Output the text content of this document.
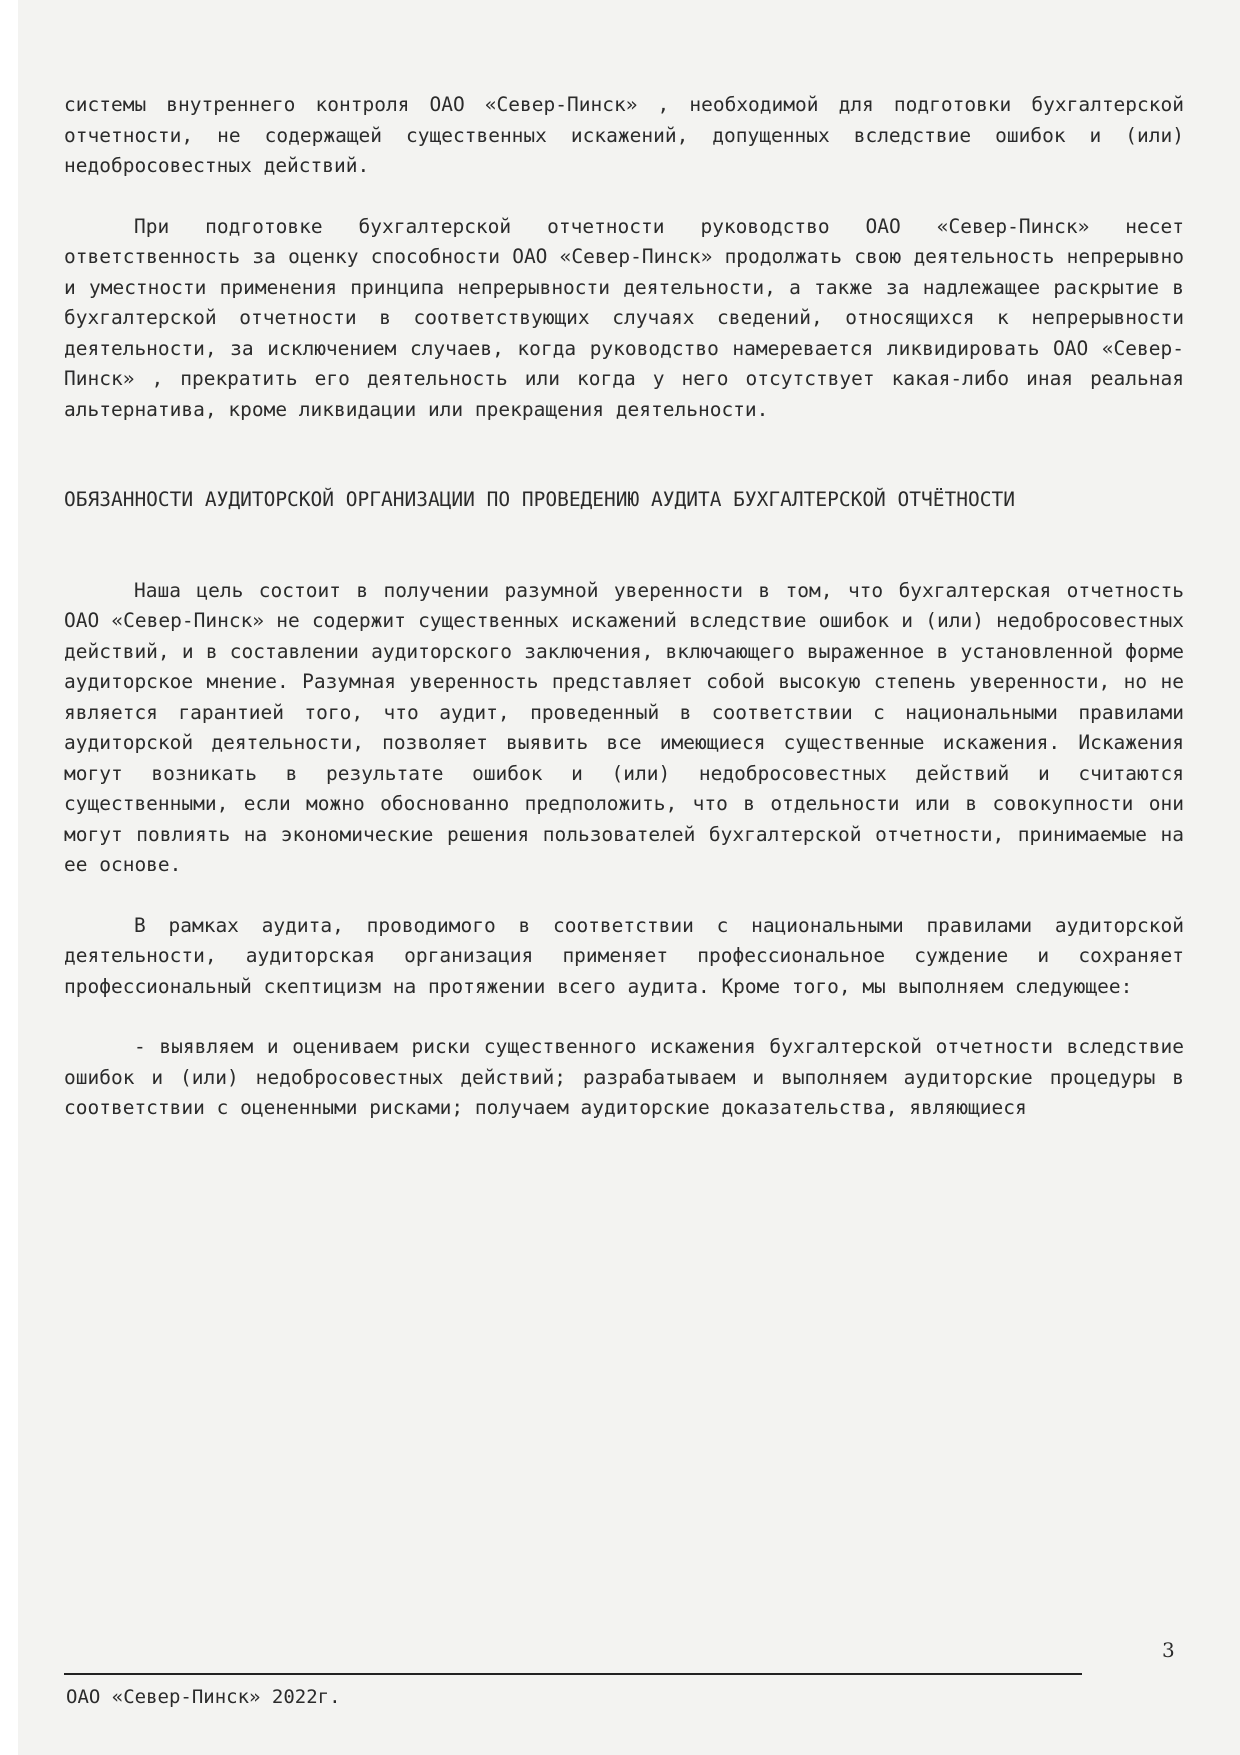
системы внутреннего контроля ОАО «Север-Пинск» , необходимой для подготовки бухгалтерской отчетности, не содержащей существенных искажений, допущенных вследствие ошибок и (или) недобросовестных действий.

При подготовке бухгалтерской отчетности руководство ОАО «Север-Пинск» несет ответственность за оценку способности ОАО «Север-Пинск» продолжать свою деятельность непрерывно и уместности применения принципа непрерывности деятельности, а также за надлежащее раскрытие в бухгалтерской отчетности в соответствующих случаях сведений, относящихся к непрерывности деятельности, за исключением случаев, когда руководство намеревается ликвидировать ОАО «Север-Пинск» , прекратить его деятельность или когда у него отсутствует какая-либо иная реальная альтернатива, кроме ликвидации или прекращения деятельности.

ОБЯЗАННОСТИ АУДИТОРСКОЙ ОРГАНИЗАЦИИ ПО ПРОВЕДЕНИЮ АУДИТА БУХГАЛТЕРСКОЙ ОТЧЁТНОСТИ

Наша цель состоит в получении разумной уверенности в том, что бухгалтерская отчетность ОАО «Север-Пинск» не содержит существенных искажений вследствие ошибок и (или) недобросовестных действий, и в составлении аудиторского заключения, включающего выраженное в установленной форме аудиторское мнение. Разумная уверенность представляет собой высокую степень уверенности, но не является гарантией того, что аудит, проведенный в соответствии с национальными правилами аудиторской деятельности, позволяет выявить все имеющиеся существенные искажения. Искажения могут возникать в результате ошибок и (или) недобросовестных действий и считаются существенными, если можно обоснованно предположить, что в отдельности или в совокупности они могут повлиять на экономические решения пользователей бухгалтерской отчетности, принимаемые на ее основе.

В рамках аудита, проводимого в соответствии с национальными правилами аудиторской деятельности, аудиторская организация применяет профессиональное суждение и сохраняет профессиональный скептицизм на протяжении всего аудита. Кроме того, мы выполняем следующее:

- выявляем и оцениваем риски существенного искажения бухгалтерской отчетности вследствие ошибок и (или) недобросовестных действий; разрабатываем и выполняем аудиторские процедуры в соответствии с оцененными рисками; получаем аудиторские доказательства, являющиеся

3
ОАО «Север-Пинск» 2022г.
